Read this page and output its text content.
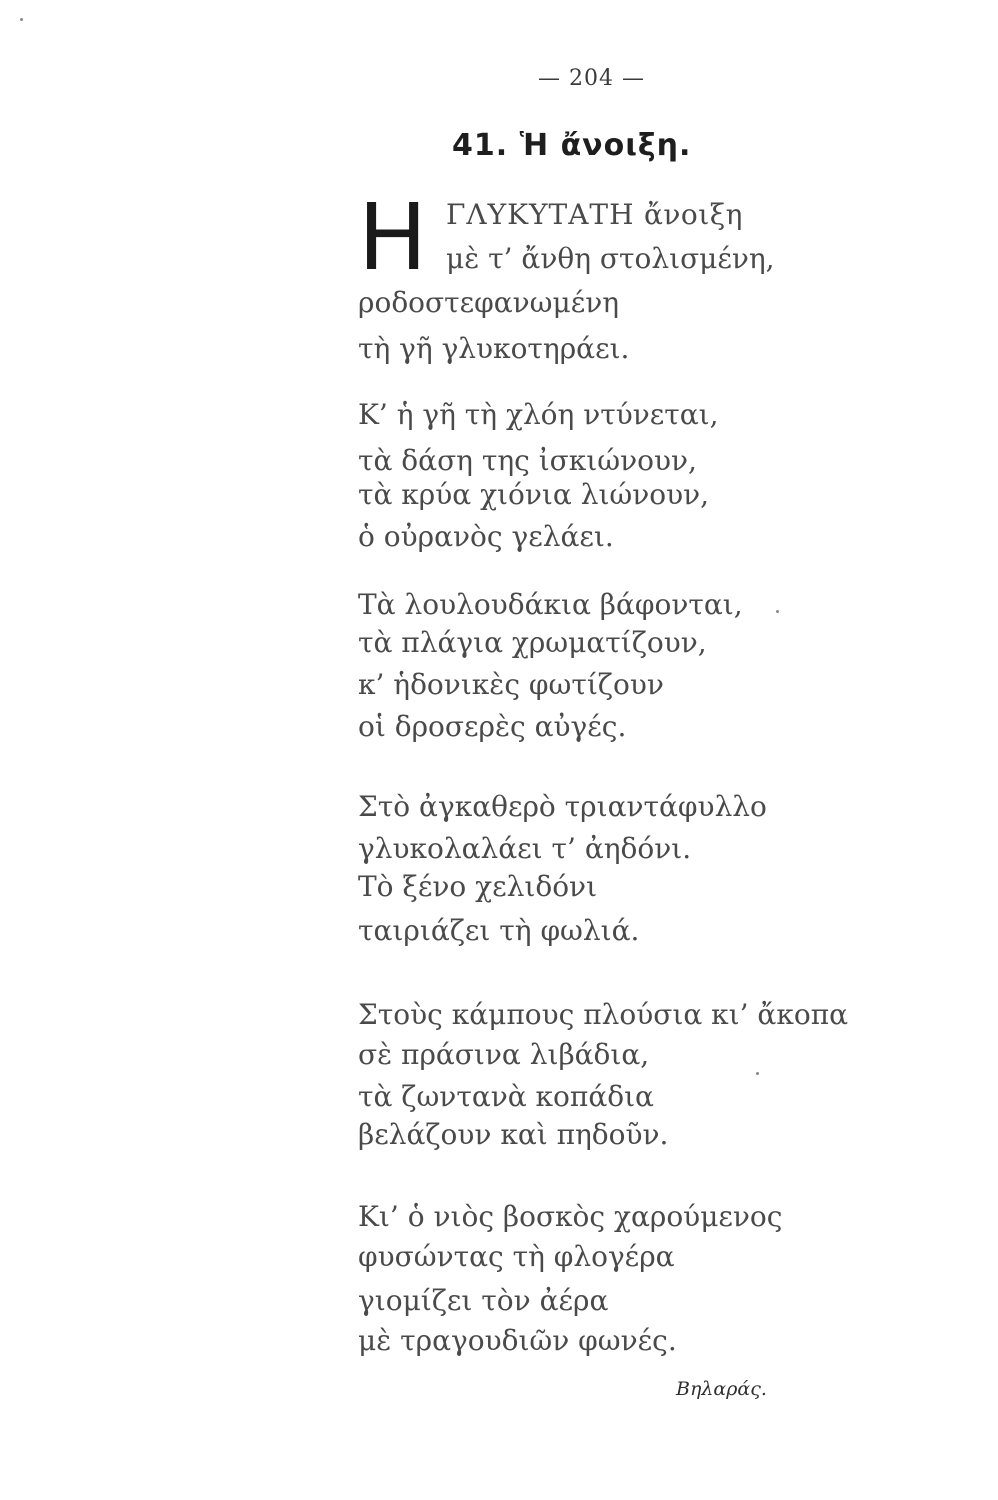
— 204 —
41. Ἡ ἄνοιξη.
Η ΓΛΥΚΥΤΑΤΗ ἄνοιξη
μὲ τ’ ἄνθη στολισμένη,
ροδοστεφανωμένη
τὴ γῆ γλυκοτηράει.
Κ’ ἡ γῆ τὴ χλόη ντύνεται,
τὰ δάση της ἰσκιώνουν,
τὰ κρύα χιόνια λιώνουν,
ὁ οὐρανὸς γελάει.
Τὰ λουλουδάκια βάφονται,
τὰ πλάγια χρωματίζουν,
κ’ ἡδονικὲς φωτίζουν
οἱ δροσερὲς αὐγές.
Στὸ ἀγκαθερὸ τριαντάφυλλο
γλυκολαλάει τ’ ἀηδόνι.
Τὸ ξένο χελιδόνι
ταιριάζει τὴ φωλιά.
Στοὺς κάμπους πλούσια κι’ ἄκοπα
σὲ πράσινα λιβάδια,
τὰ ζωντανὰ κοπάδια
βελάζουν καὶ πηδοῦν.
Κι’ ὁ νιὸς βοσκὸς χαρούμενος
φυσώντας τὴ φλογέρα
γιομίζει τὸν ἀέρα
μὲ τραγουδιῶν φωνές.
Βηλαράς.
